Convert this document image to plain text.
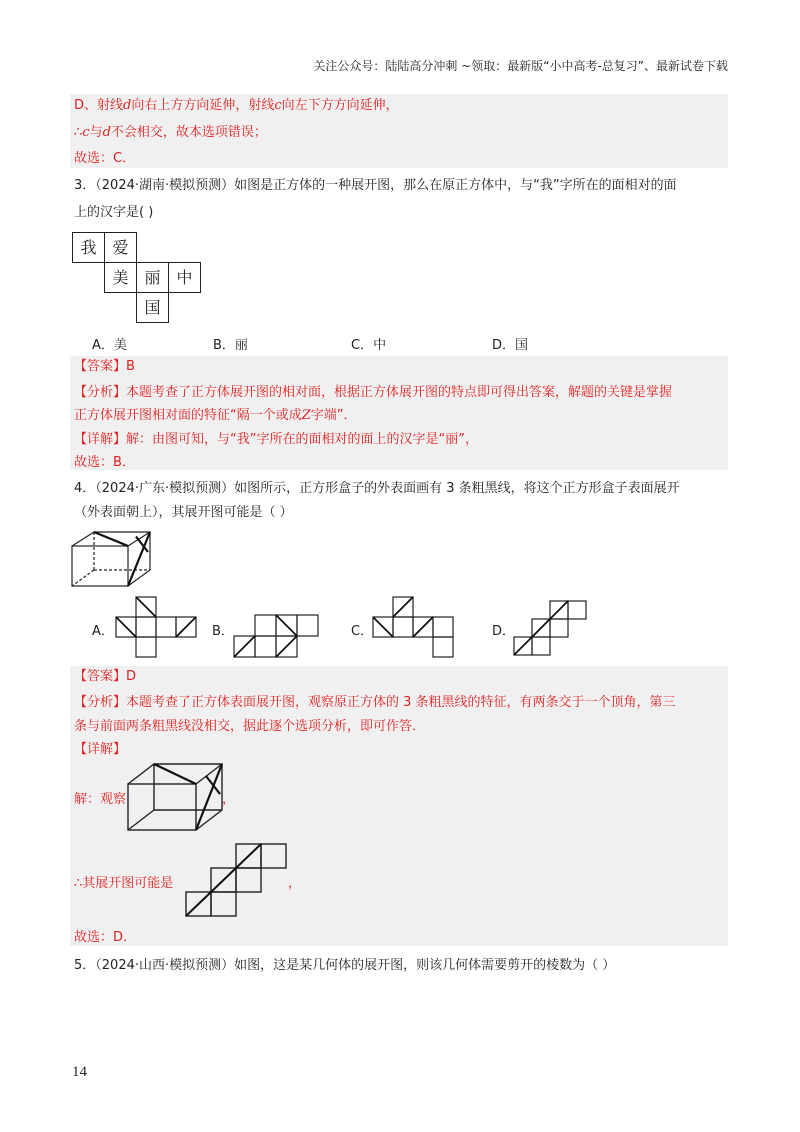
关注公众号：陆陆高分冲刺 ~领取：最新版“小中高考-总复习”、最新试卷下载
D、射线d向右上方方向延伸，射线c向左下方方向延伸，
∴c与d不会相交，故本选项错误；
故选：C．
3．（2024·湖南·模拟预测）如图是正方体的一种展开图，那么在原正方体中，与“我”字所在的面相对的面
上的汉字是( )
我 爱
美 丽 中
国
A．美	B．丽	C．中	D．国
【答案】B
【分析】本题考查了正方体展开图的相对面，根据正方体展开图的特点即可得出答案，解题的关键是掌握
正方体展开图相对面的特征“隔一个或成Z字端”．
【详解】解：由图可知，与“我”字所在的面相对的面上的汉字是“丽”，
故选：B．
4．（2024·广东·模拟预测）如图所示，正方形盒子的外表面画有 3 条粗黑线，将这个正方形盒子表面展开
（外表面朝上），其展开图可能是（ ）
A．	B．	C．	D．
【答案】D
【分析】本题考查了正方体表面展开图，观察原正方体的 3 条粗黑线的特征，有两条交于一个顶角，第三
条与前面两条粗黑线没相交，据此逐个选项分析，即可作答．
【详解】
解：观察	，
∴其展开图可能是	，
故选：D．
5．（2024·山西·模拟预测）如图，这是某几何体的展开图，则该几何体需要剪开的棱数为（ ）
14
